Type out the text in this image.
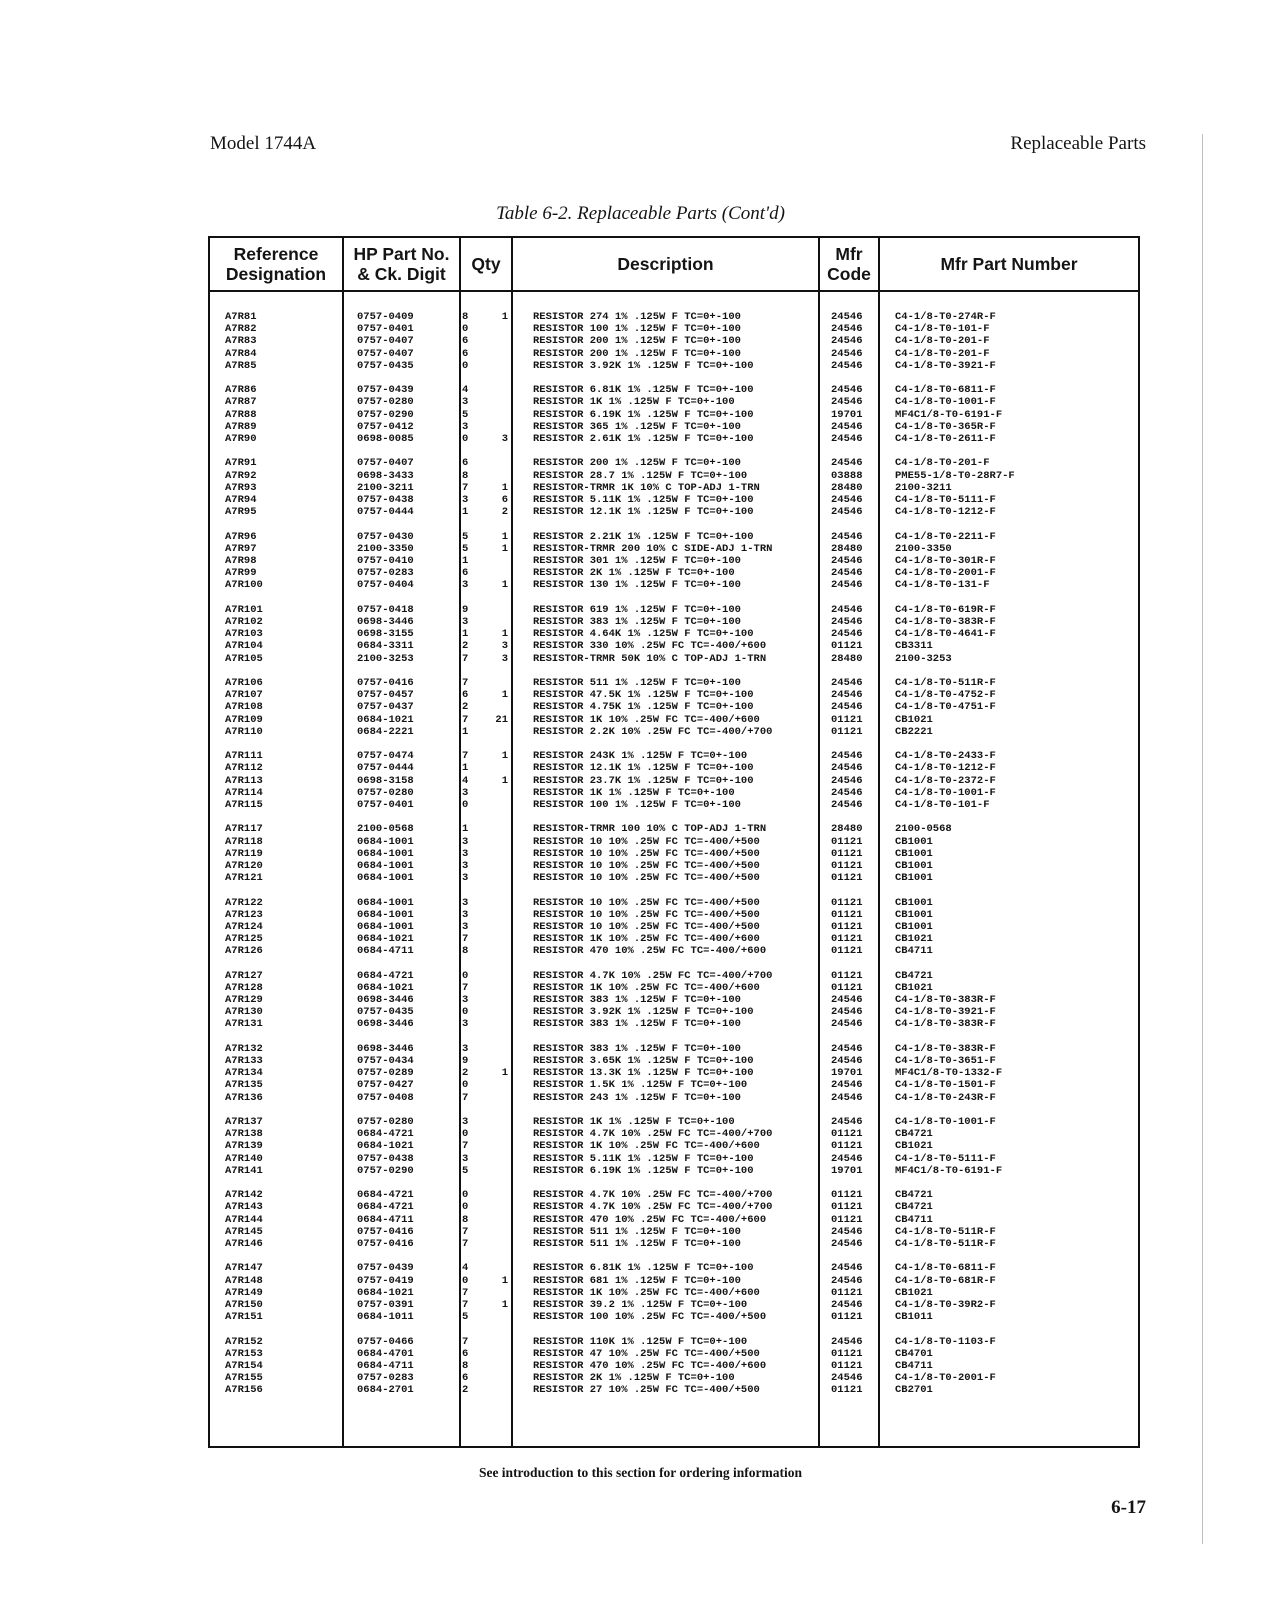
Model 1744A	Replaceable Parts
Table 6-2. Replaceable Parts (Cont'd)
Reference
Designation
HP Part No.
& Ck. Digit	Qty	Description	Mfr
Code	Mfr Part Number
A7R81	0757-0409	8	1 RESISTOR 274 1% .125W F TC=0+-100	24546	C4-1/8-T0-274R-F
A7R82	0757-0401	0	RESISTOR 100 1% .125W F TC=0+-100	24546	C4-1/8-T0-101-F
A7R83	0757-0407	6	RESISTOR 200 1% .125W F TC=0+-100	24546	C4-1/8-T0-201-F
A7R84	0757-0407	6	RESISTOR 200 1% .125W F TC=0+-100	24546	C4-1/8-T0-201-F
A7R85	0757-0435	0	RESISTOR 3.92K 1% .125W F TC=0+-100	24546	C4-1/8-T0-3921-F
A7R86	0757-0439	4	RESISTOR 6.81K 1% .125W F TC=0+-100	24546	C4-1/8-T0-6811-F
A7R87	0757-0280	3	RESISTOR 1K 1% .125W F TC=0+-100	24546	C4-1/8-T0-1001-F
A7R88	0757-0290	5	RESISTOR 6.19K 1% .125W F TC=0+-100	19701	MF4C1/8-T0-6191-F
A7R89	0757-0412	3	RESISTOR 365 1% .125W F TC=0+-100	24546	C4-1/8-T0-365R-F
A7R90	0698-0085	0	3 RESISTOR 2.61K 1% .125W F TC=0+-100	24546	C4-1/8-T0-2611-F
A7R91	0757-0407	6	RESISTOR 200 1% .125W F TC=0+-100	24546	C4-1/8-T0-201-F
A7R92	0698-3433	8	RESISTOR 28.7 1% .125W F TC=0+-100	03888	PME55-1/8-T0-28R7-F
A7R93	2100-3211	7	1 RESISTOR-TRMR 1K 10% C TOP-ADJ 1-TRN	28480	2100-3211
A7R94	0757-0438	3	6 RESISTOR 5.11K 1% .125W F TC=0+-100	24546	C4-1/8-T0-5111-F
A7R95	0757-0444	1	2 RESISTOR 12.1K 1% .125W F TC=0+-100	24546	C4-1/8-T0-1212-F
A7R96	0757-0430	5	1 RESISTOR 2.21K 1% .125W F TC=0+-100	24546	C4-1/8-T0-2211-F
A7R97	2100-3350	5	1 RESISTOR-TRMR 200 10% C SIDE-ADJ 1-TRN	28480	2100-3350
A7R98	0757-0410	1	RESISTOR 301 1% .125W F TC=0+-100	24546	C4-1/8-T0-301R-F
A7R99	0757-0283	6	RESISTOR 2K 1% .125W F TC=0+-100	24546	C4-1/8-T0-2001-F
A7R100	0757-0404	3	1 RESISTOR 130 1% .125W F TC=0+-100	24546	C4-1/8-T0-131-F
A7R101	0757-0418	9	RESISTOR 619 1% .125W F TC=0+-100	24546	C4-1/8-T0-619R-F
A7R102	0698-3446	3	RESISTOR 383 1% .125W F TC=0+-100	24546	C4-1/8-T0-383R-F
A7R103	0698-3155	1	1 RESISTOR 4.64K 1% .125W F TC=0+-100	24546	C4-1/8-T0-4641-F
A7R104	0684-3311	2	3 RESISTOR 330 10% .25W FC TC=-400/+600	01121	CB3311
A7R105	2100-3253	7	3 RESISTOR-TRMR 50K 10% C TOP-ADJ 1-TRN	28480	2100-3253
A7R106	0757-0416	7	RESISTOR 511 1% .125W F TC=0+-100	24546	C4-1/8-T0-511R-F
A7R107	0757-0457	6	1 RESISTOR 47.5K 1% .125W F TC=0+-100	24546	C4-1/8-T0-4752-F
A7R108	0757-0437	2	RESISTOR 4.75K 1% .125W F TC=0+-100	24546	C4-1/8-T0-4751-F
A7R109	0684-1021	7	21 RESISTOR 1K 10% .25W FC TC=-400/+600	01121	CB1021
A7R110	0684-2221	1	RESISTOR 2.2K 10% .25W FC TC=-400/+700	01121	CB2221
A7R111	0757-0474	7	1 RESISTOR 243K 1% .125W F TC=0+-100	24546	C4-1/8-T0-2433-F
A7R112	0757-0444	1	RESISTOR 12.1K 1% .125W F TC=0+-100	24546	C4-1/8-T0-1212-F
A7R113	0698-3158	4	1 RESISTOR 23.7K 1% .125W F TC=0+-100	24546	C4-1/8-T0-2372-F
A7R114	0757-0280	3	RESISTOR 1K 1% .125W F TC=0+-100	24546	C4-1/8-T0-1001-F
A7R115	0757-0401	0	RESISTOR 100 1% .125W F TC=0+-100	24546	C4-1/8-T0-101-F
A7R117	2100-0568	1	RESISTOR-TRMR 100 10% C TOP-ADJ 1-TRN	28480	2100-0568
A7R118	0684-1001	3	RESISTOR 10 10% .25W FC TC=-400/+500	01121	CB1001
A7R119	0684-1001	3	RESISTOR 10 10% .25W FC TC=-400/+500	01121	CB1001
A7R120	0684-1001	3	RESISTOR 10 10% .25W FC TC=-400/+500	01121	CB1001
A7R121	0684-1001	3	RESISTOR 10 10% .25W FC TC=-400/+500	01121	CB1001
A7R122	0684-1001	3	RESISTOR 10 10% .25W FC TC=-400/+500	01121	CB1001
A7R123	0684-1001	3	RESISTOR 10 10% .25W FC TC=-400/+500	01121	CB1001
A7R124	0684-1001	3	RESISTOR 10 10% .25W FC TC=-400/+500	01121	CB1001
A7R125	0684-1021	7	RESISTOR 1K 10% .25W FC TC=-400/+600	01121	CB1021
A7R126	0684-4711	8	RESISTOR 470 10% .25W FC TC=-400/+600	01121	CB4711
A7R127	0684-4721	0	RESISTOR 4.7K 10% .25W FC TC=-400/+700	01121	CB4721
A7R128	0684-1021	7	RESISTOR 1K 10% .25W FC TC=-400/+600	01121	CB1021
A7R129	0698-3446	3	RESISTOR 383 1% .125W F TC=0+-100	24546	C4-1/8-T0-383R-F
A7R130	0757-0435	0	RESISTOR 3.92K 1% .125W F TC=0+-100	24546	C4-1/8-T0-3921-F
A7R131	0698-3446	3	RESISTOR 383 1% .125W F TC=0+-100	24546	C4-1/8-T0-383R-F
A7R132	0698-3446	3	RESISTOR 383 1% .125W F TC=0+-100	24546	C4-1/8-T0-383R-F
A7R133	0757-0434	9	RESISTOR 3.65K 1% .125W F TC=0+-100	24546	C4-1/8-T0-3651-F
A7R134	0757-0289	2	1 RESISTOR 13.3K 1% .125W F TC=0+-100	19701	MF4C1/8-T0-1332-F
A7R135	0757-0427	0	RESISTOR 1.5K 1% .125W F TC=0+-100	24546	C4-1/8-T0-1501-F
A7R136	0757-0408	7	RESISTOR 243 1% .125W F TC=0+-100	24546	C4-1/8-T0-243R-F
A7R137	0757-0280	3	RESISTOR 1K 1% .125W F TC=0+-100	24546	C4-1/8-T0-1001-F
A7R138	0684-4721	0	RESISTOR 4.7K 10% .25W FC TC=-400/+700	01121	CB4721
A7R139	0684-1021	7	RESISTOR 1K 10% .25W FC TC=-400/+600	01121	CB1021
A7R140	0757-0438	3	RESISTOR 5.11K 1% .125W F TC=0+-100	24546	C4-1/8-T0-5111-F
A7R141	0757-0290	5	RESISTOR 6.19K 1% .125W F TC=0+-100	19701	MF4C1/8-T0-6191-F
A7R142	0684-4721	0	RESISTOR 4.7K 10% .25W FC TC=-400/+700	01121	CB4721
A7R143	0684-4721	0	RESISTOR 4.7K 10% .25W FC TC=-400/+700	01121	CB4721
A7R144	0684-4711	8	RESISTOR 470 10% .25W FC TC=-400/+600	01121	CB4711
A7R145	0757-0416	7	RESISTOR 511 1% .125W F TC=0+-100	24546	C4-1/8-T0-511R-F
A7R146	0757-0416	7	RESISTOR 511 1% .125W F TC=0+-100	24546	C4-1/8-T0-511R-F
A7R147	0757-0439	4	RESISTOR 6.81K 1% .125W F TC=0+-100	24546	C4-1/8-T0-6811-F
A7R148	0757-0419	0	1 RESISTOR 681 1% .125W F TC=0+-100	24546	C4-1/8-T0-681R-F
A7R149	0684-1021	7	RESISTOR 1K 10% .25W FC TC=-400/+600	01121	CB1021
A7R150	0757-0391	7	1 RESISTOR 39.2 1% .125W F TC=0+-100	24546	C4-1/8-T0-39R2-F
A7R151	0684-1011	5	RESISTOR 100 10% .25W FC TC=-400/+500	01121	CB1011
A7R152	0757-0466	7	RESISTOR 110K 1% .125W F TC=0+-100	24546	C4-1/8-T0-1103-F
A7R153	0684-4701	6	RESISTOR 47 10% .25W FC TC=-400/+500	01121	CB4701
A7R154	0684-4711	8	RESISTOR 470 10% .25W FC TC=-400/+600	01121	CB4711
A7R155	0757-0283	6	RESISTOR 2K 1% .125W F TC=0+-100	24546	C4-1/8-T0-2001-F
A7R156	0684-2701	2	RESISTOR 27 10% .25W FC TC=-400/+500	01121	CB2701
See introduction to this section for ordering information
6-17
